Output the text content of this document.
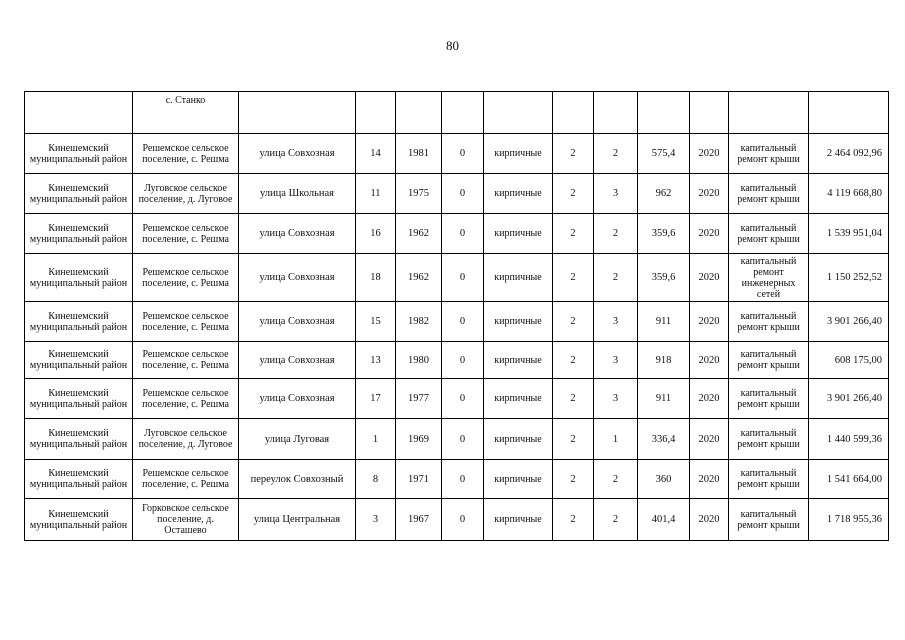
80
	с. Станко											
Кинешемский муниципальный район	Решемское сельское поселение, с. Решма	улица Совхозная	14	1981	0	кирпичные	2	2	575,4	2020	капитальный ремонт крыши	2 464 092,96
Кинешемский муниципальный район	Луговское сельское поселение, д. Луговое	улица Школьная	11	1975	0	кирпичные	2	3	962	2020	капитальный ремонт крыши	4 119 668,80
Кинешемский муниципальный район	Решемское сельское поселение, с. Решма	улица Совхозная	16	1962	0	кирпичные	2	2	359,6	2020	капитальный ремонт крыши	1 539 951,04
Кинешемский муниципальный район	Решемское сельское поселение, с. Решма	улица Совхозная	18	1962	0	кирпичные	2	2	359,6	2020	капитальный ремонт инженерных сетей	1 150 252,52
Кинешемский муниципальный район	Решемское сельское поселение, с. Решма	улица Совхозная	15	1982	0	кирпичные	2	3	911	2020	капитальный ремонт крыши	3 901 266,40
Кинешемский муниципальный район	Решемское сельское поселение, с. Решма	улица Совхозная	13	1980	0	кирпичные	2	3	918	2020	капитальный ремонт крыши	608 175,00
Кинешемский муниципальный район	Решемское сельское поселение, с. Решма	улица Совхозная	17	1977	0	кирпичные	2	3	911	2020	капитальный ремонт крыши	3 901 266,40
Кинешемский муниципальный район	Луговское сельское поселение, д. Луговое	улица Луговая	1	1969	0	кирпичные	2	1	336,4	2020	капитальный ремонт крыши	1 440 599,36
Кинешемский муниципальный район	Решемское сельское поселение, с. Решма	переулок Совхозный	8	1971	0	кирпичные	2	2	360	2020	капитальный ремонт крыши	1 541 664,00
Кинешемский муниципальный район	Горковское сельское поселение, д. Осташево	улица Центральная	3	1967	0	кирпичные	2	2	401,4	2020	капитальный ремонт крыши	1 718 955,36
